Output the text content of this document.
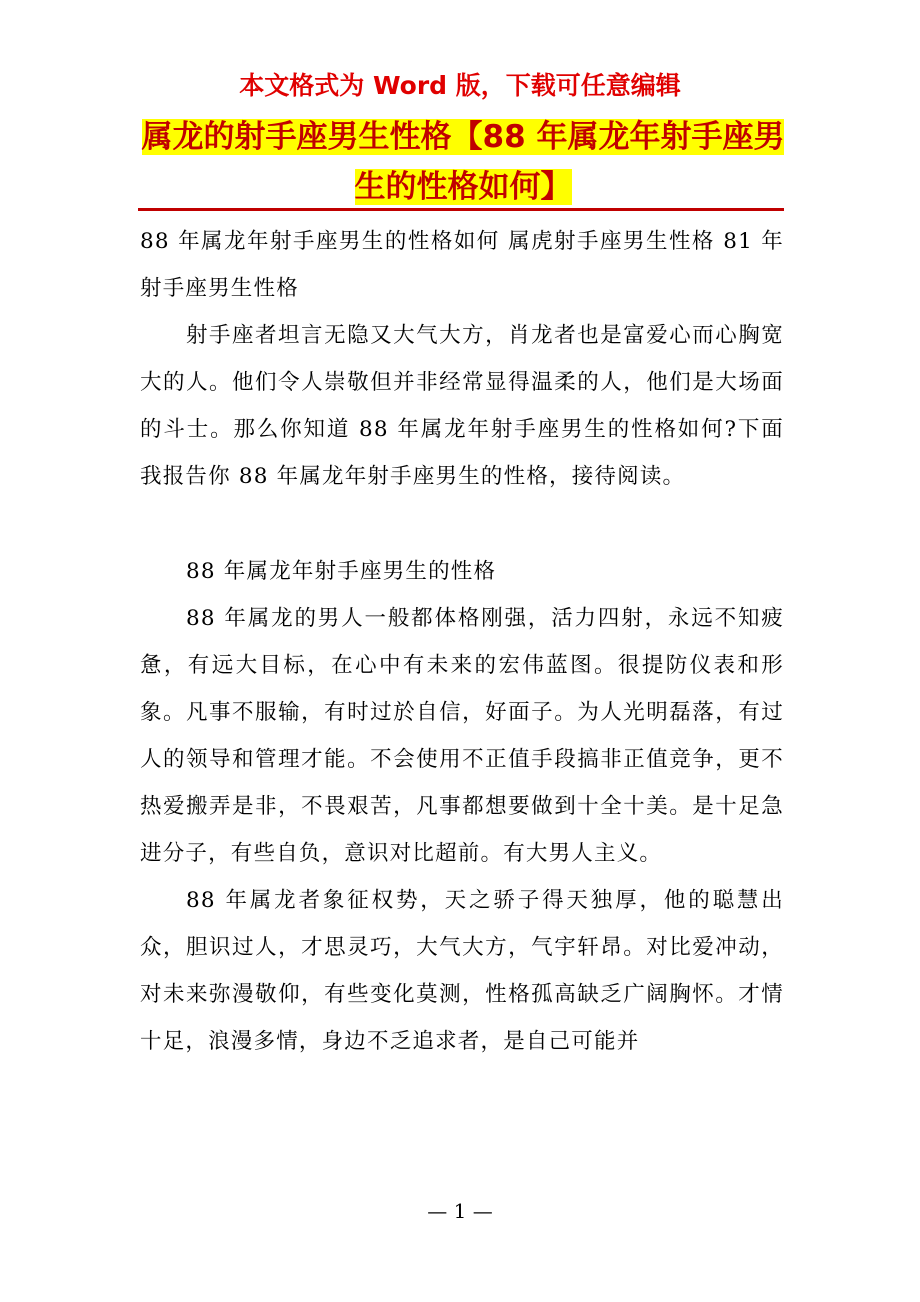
本文格式为 Word 版，下载可任意编辑
属龙的射手座男生性格【88 年属龙年射手座男生的性格如何】

88 年属龙年射手座男生的性格如何 属虎射手座男生性格 81 年射手座男生性格

射手座者坦言无隐又大气大方，肖龙者也是富爱心而心胸宽大的人。他们令人崇敬但并非经常显得温柔的人，他们是大场面的斗士。那么你知道 88 年属龙年射手座男生的性格如何?下面我报告你 88 年属龙年射手座男生的性格，接待阅读。

88 年属龙年射手座男生的性格

88 年属龙的男人一般都体格刚强，活力四射，永远不知疲惫，有远大目标，在心中有未来的宏伟蓝图。很提防仪表和形象。凡事不服输，有时过於自信，好面子。为人光明磊落，有过人的领导和管理才能。不会使用不正值手段搞非正值竞争，更不热爱搬弄是非，不畏艰苦，凡事都想要做到十全十美。是十足急进分子，有些自负，意识对比超前。有大男人主义。

88 年属龙者象征权势，天之骄子得天独厚，他的聪慧出众，胆识过人，才思灵巧，大气大方，气宇轩昂。对比爱冲动，对未来弥漫敬仰，有些变化莫测，性格孤高缺乏广阔胸怀。才情十足，浪漫多情，身边不乏追求者，是自己可能并

— 1 —
